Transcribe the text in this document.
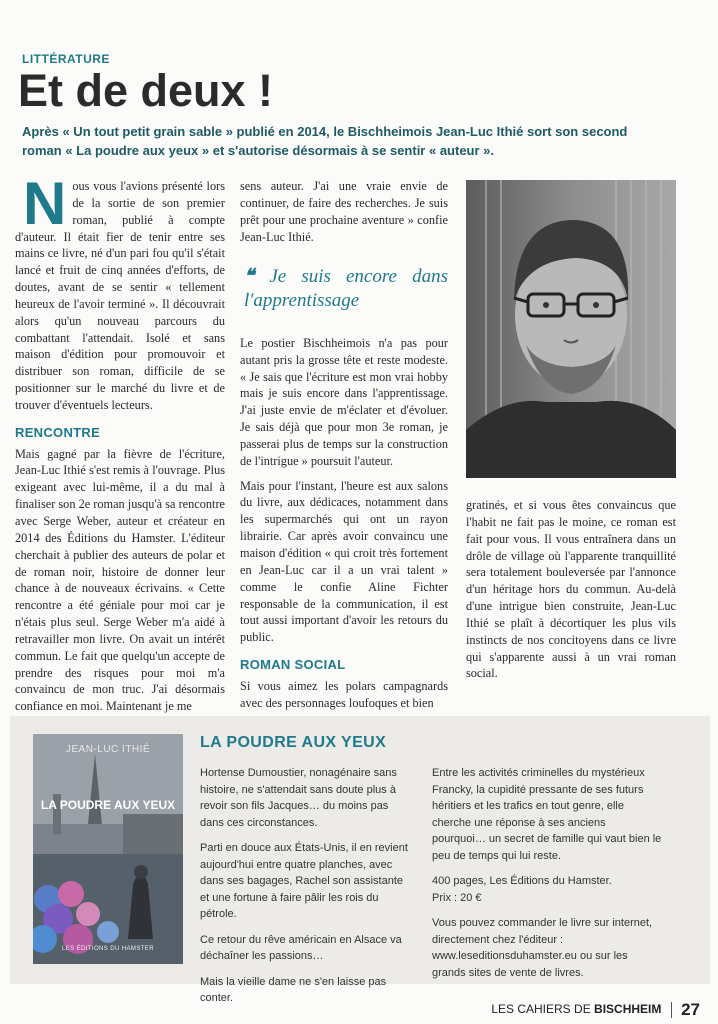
LITTÉRATURE
Et de deux !
Après « Un tout petit grain sable » publié en 2014, le Bischheimois Jean-Luc Ithié sort son second roman « La poudre aux yeux » et s'autorise désormais à se sentir « auteur ».

Nous vous l'avions présenté lors de la sortie de son premier roman, publié à compte d'auteur. Il était fier de tenir entre ses mains ce livre, né d'un pari fou qu'il s'était lancé et fruit de cinq années d'efforts, de doutes, avant de se sentir « tellement heureux de l'avoir terminé ». Il découvrait alors qu'un nouveau parcours du combattant l'attendait. Isolé et sans maison d'édition pour promouvoir et distribuer son roman, difficile de se positionner sur le marché du livre et de trouver d'éventuels lecteurs.

RENCONTRE

Mais gagné par la fièvre de l'écriture, Jean-Luc Ithié s'est remis à l'ouvrage. Plus exigeant avec lui-même, il a du mal à finaliser son 2e roman jusqu'à sa rencontre avec Serge Weber, auteur et créateur en 2014 des Éditions du Hamster. L'éditeur cherchait à publier des auteurs de polar et de roman noir, histoire de donner leur chance à de nouveaux écrivains. « Cette rencontre a été géniale pour moi car je n'étais plus seul. Serge Weber m'a aidé à retravailler mon livre. On avait un intérêt commun. Le fait que quelqu'un accepte de prendre des risques pour moi m'a convaincu de mon truc. J'ai désormais confiance en moi. Maintenant je me

sens auteur. J'ai une vraie envie de continuer, de faire des recherches. Je suis prêt pour une prochaine aventure » confie Jean-Luc Ithié.

❝ Je suis encore dans l'apprentissage

Le postier Bischheimois n'a pas pour autant pris la grosse tête et reste modeste. « Je sais que l'écriture est mon vrai hobby mais je suis encore dans l'apprentissage. J'ai juste envie de m'éclater et d'évoluer. Je sais déjà que pour mon 3e roman, je passerai plus de temps sur la construction de l'intrigue » poursuit l'auteur.

Mais pour l'instant, l'heure est aux salons du livre, aux dédicaces, notamment dans les supermarchés qui ont un rayon librairie. Car après avoir convaincu une maison d'édition « qui croit très fortement en Jean-Luc car il a un vrai talent » comme le confie Aline Fichter responsable de la communication, il est tout aussi important d'avoir les retours du public.

ROMAN SOCIAL

Si vous aimez les polars campagnards avec des personnages loufoques et bien

gratinés, et si vous êtes convaincus que l'habit ne fait pas le moine, ce roman est fait pour vous. Il vous entraînera dans un drôle de village où l'apparente tranquillité sera totalement bouleversée par l'annonce d'un héritage hors du commun. Au-delà d'une intrigue bien construite, Jean-Luc Ithié se plaît à décortiquer les plus vils instincts de nos concitoyens dans ce livre qui s'apparente aussi à un vrai roman social.

JEAN-LUC ITHIÉ
LA POUDRE AUX YEUX
LES ÉDITIONS DU HAMSTER
LA POUDRE AUX YEUX

Hortense Dumoustier, nonagénaire sans histoire, ne s'attendait sans doute plus à revoir son fils Jacques… du moins pas dans ces circonstances.

Parti en douce aux États-Unis, il en revient aujourd'hui entre quatre planches, avec dans ses bagages, Rachel son assistante et une fortune à faire pâlir les rois du pétrole.

Ce retour du rêve américain en Alsace va déchaîner les passions…

Mais la vieille dame ne s'en laisse pas conter.

Entre les activités criminelles du mystérieux Francky, la cupidité pressante de ses futurs héritiers et les trafics en tout genre, elle cherche une réponse à ses anciens pourquoi… un secret de famille qui vaut bien le peu de temps qui lui reste.

400 pages, Les Éditions du Hamster.
Prix : 20 €

Vous pouvez commander le livre sur internet, directement chez l'éditeur : www.leseditionsduhamster.eu ou sur les grands sites de vente de livres.

LES CAHIERS DE BISCHHEIM 27
